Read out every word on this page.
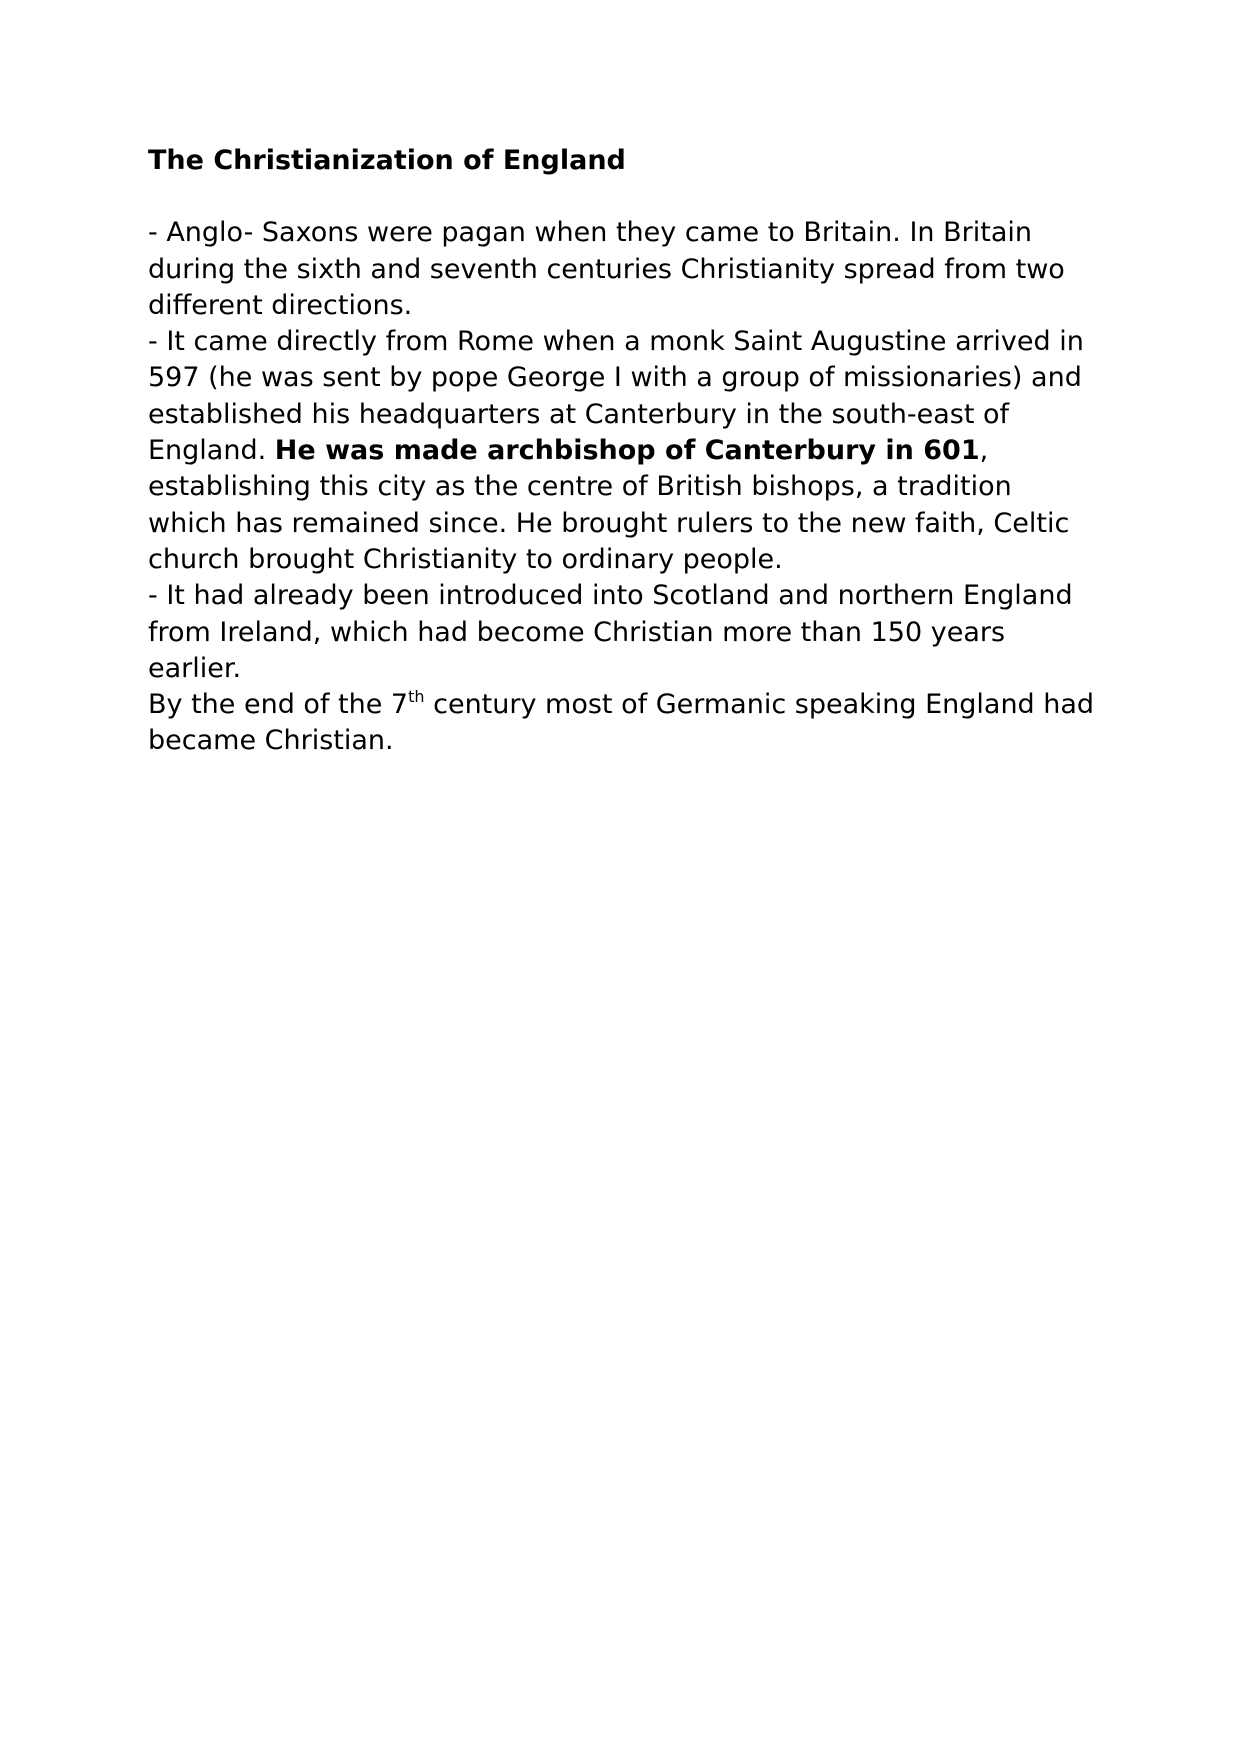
The Christianization of England

- Anglo- Saxons were pagan when they came to Britain. In Britain during the sixth and seventh centuries Christianity spread from two different directions.

- It came directly from Rome when a monk Saint Augustine arrived in 597 (he was sent by pope George I with a group of missionaries) and established his headquarters at Canterbury in the south-east of England. He was made archbishop of Canterbury in 601, establishing this city as the centre of British bishops, a tradition which has remained since. He brought rulers to the new faith, Celtic church brought Christianity to ordinary people.

- It had already been introduced into Scotland and northern England from Ireland, which had become Christian more than 150 years earlier.

By the end of the 7th century most of Germanic speaking England had became Christian.
